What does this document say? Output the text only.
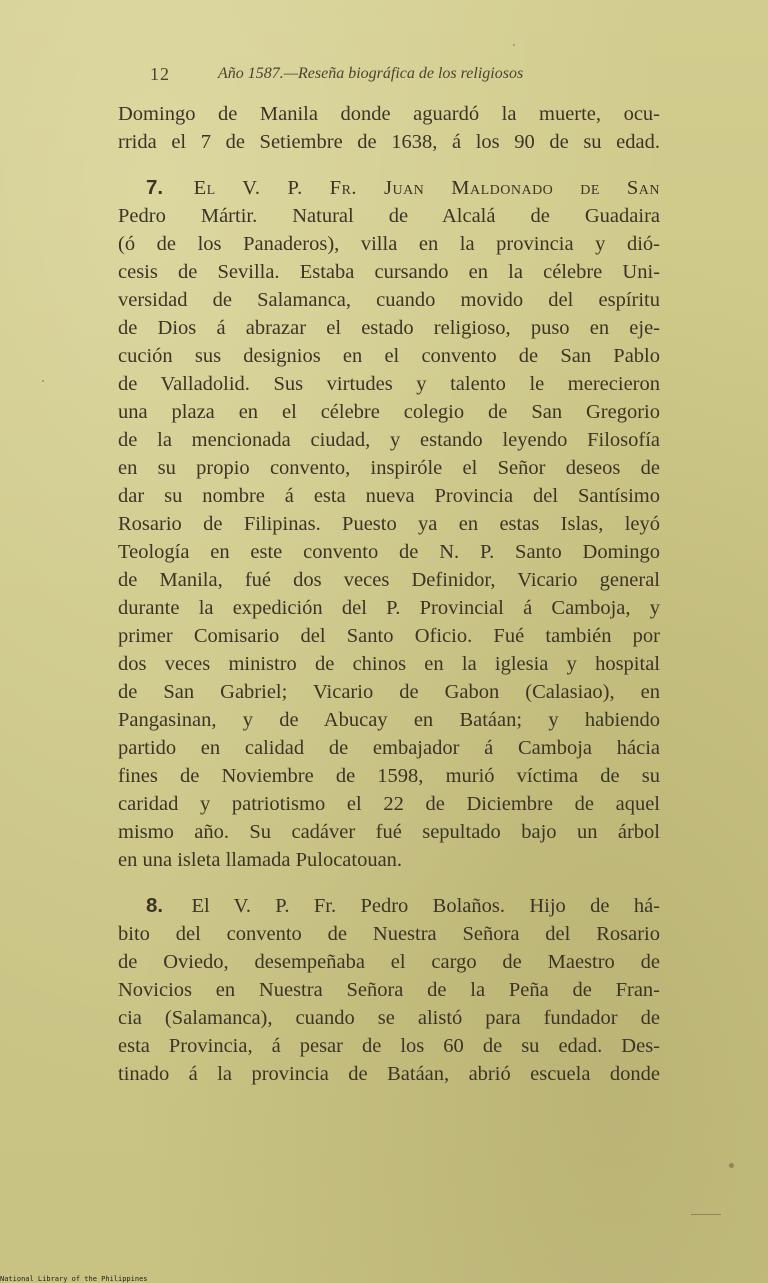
12	Año 1587.—Reseña biográfica de los religiosos
Domingo de Manila donde aguardó la muerte, ocu-
rrida el 7 de Setiembre de 1638, á los 90 de su edad.
7. El V. P. Fr. Juan Maldonado de San
Pedro Mártir. Natural de Alcalá de Guadaira
(ó de los Panaderos), villa en la provincia y dió-
cesis de Sevilla. Estaba cursando en la célebre Uni-
versidad de Salamanca, cuando movido del espíritu
de Dios á abrazar el estado religioso, puso en eje-
cución sus designios en el convento de San Pablo
de Valladolid. Sus virtudes y talento le merecieron
una plaza en el célebre colegio de San Gregorio
de la mencionada ciudad, y estando leyendo Filosofía
en su propio convento, inspiróle el Señor deseos de
dar su nombre á esta nueva Provincia del Santísimo
Rosario de Filipinas. Puesto ya en estas Islas, leyó
Teología en este convento de N. P. Santo Domingo
de Manila, fué dos veces Definidor, Vicario general
durante la expedición del P. Provincial á Camboja, y
primer Comisario del Santo Oficio. Fué también por
dos veces ministro de chinos en la iglesia y hospital
de San Gabriel; Vicario de Gabon (Calasiao), en
Pangasinan, y de Abucay en Batáan; y habiendo
partido en calidad de embajador á Camboja hácia
fines de Noviembre de 1598, murió víctima de su
caridad y patriotismo el 22 de Diciembre de aquel
mismo año. Su cadáver fué sepultado bajo un árbol
en una isleta llamada Pulocatouan.
8. El V. P. Fr. Pedro Bolaños. Hijo de há-
bito del convento de Nuestra Señora del Rosario
de Oviedo, desempeñaba el cargo de Maestro de
Novicios en Nuestra Señora de la Peña de Fran-
cia (Salamanca), cuando se alistó para fundador de
esta Provincia, á pesar de los 60 de su edad. Des-
tinado á la provincia de Batáan, abrió escuela donde
National Library of the Philippines
